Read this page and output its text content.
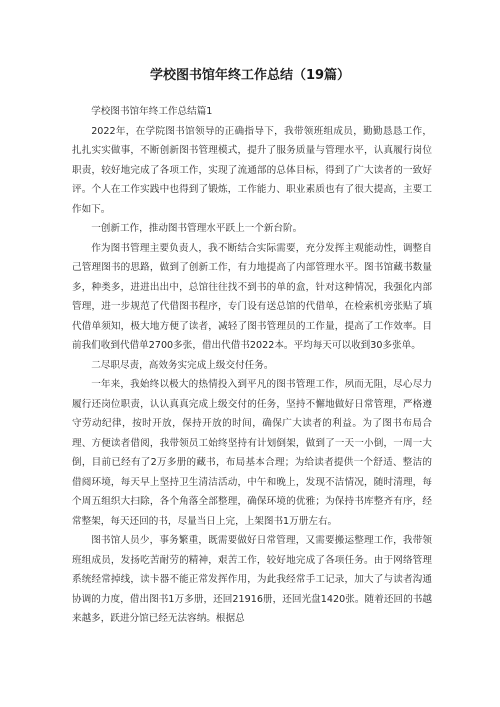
学校图书馆年终工作总结（19篇）

学校图书馆年终工作总结篇1

2022年，在学院图书馆领导的正确指导下，我带领班组成员，勤勤恳恳工作，扎扎实实做事，不断创新图书管理模式，提升了服务质量与管理水平，认真履行岗位职责，较好地完成了各项工作，实现了流通部的总体目标，得到了广大读者的一致好评。个人在工作实践中也得到了锻炼，工作能力、职业素质也有了很大提高，主要工作如下。

一创新工作，推动图书管理水平跃上一个新台阶。

作为图书管理主要负责人，我不断结合实际需要，充分发挥主观能动性，调整自己管理图书的思路，做到了创新工作，有力地提高了内部管理水平。图书馆藏书数量多，种类多，进进出出中，总馆往往找不到书的单的盒，针对这种情况，我强化内部管理，进一步规范了代借图书程序，专门设有送总馆的代借单，在检索机旁张贴了填代借单须知，极大地方便了读者，减轻了图书管理员的工作量，提高了工作效率。目前我们收到代借单2700多张，借出代借书2022本。平均每天可以收到30多张单。

二尽职尽责，高效务实完成上级交付任务。

一年来，我始终以极大的热情投入到平凡的图书管理工作，夙而无阻，尽心尽力履行还岗位职责，认认真真完成上级交付的任务，坚持不懈地做好日常管理，严格遵守劳动纪律，按时开放，保持开放的时间，确保广大读者的利益。为了图书布局合理、方便读者借阅，我带领员工始终坚持有计划倒架，做到了一天一小倒，一周一大倒，目前已经有了2万多册的藏书，布局基本合理；为给读者提供一个舒适、整洁的借阅环境，每天早上坚持卫生清洁活动，中午和晚上，发现不洁情况，随时清理，每个周五组织大扫除，各个角落全部整理，确保环境的优雅；为保持书库整齐有序，经常整架，每天还回的书，尽量当日上完，上架图书1万册左右。

图书馆人员少，事务繁重，既需要做好日常管理，又需要搬运整理工作，我带领班组成员，发扬吃苦耐劳的精神，艰苦工作，较好地完成了各项任务。由于网络管理系统经常掉线，读卡器不能正常发挥作用，为此我经常手工记录，加大了与读者沟通协调的力度，借出图书1万多册，还回21916册，还回光盘1420张。随着还回的书越来越多，跃进分馆已经无法容纳。根据总
